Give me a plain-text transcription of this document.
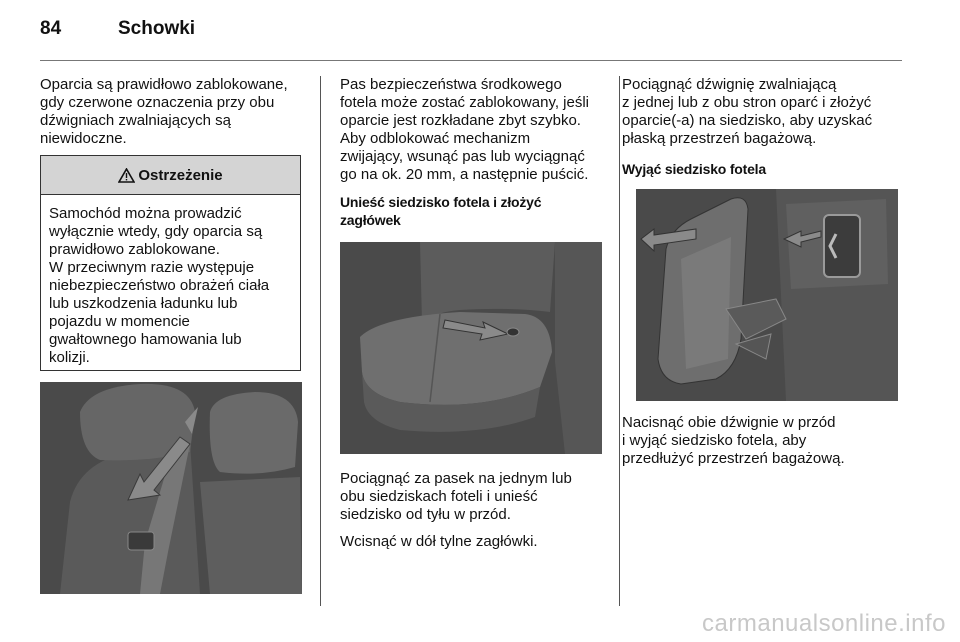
84	Schowki

Oparcia są prawidłowo zablokowane,
gdy czerwone oznaczenia przy obu
dźwigniach zwalniających są
niewidoczne.

Ostrzeżenie
Samochód można prowadzić
wyłącznie wtedy, gdy oparcia są
prawidłowo zablokowane.
W przeciwnym razie występuje
niebezpieczeństwo obrażeń ciała
lub uszkodzenia ładunku lub
pojazdu w momencie
gwałtownego hamowania lub
kolizji.

Pas bezpieczeństwa środkowego
fotela może zostać zablokowany, jeśli
oparcie jest rozkładane zbyt szybko.
Aby odblokować mechanizm
zwijający, wsunąć pas lub wyciągnąć
go na ok. 20 mm, a następnie puścić.

Unieść siedzisko fotela i złożyć
zagłówek

Pociągnąć za pasek na jednym lub
obu siedziskach foteli i unieść
siedzisko od tyłu w przód.

Wcisnąć w dół tylne zagłówki.

Pociągnąć dźwignię zwalniającą
z jednej lub z obu stron oparć i złożyć
oparcie(-a) na siedzisko, aby uzyskać
płaską przestrzeń bagażową.

Wyjąć siedzisko fotela

Nacisnąć obie dźwignie w przód
i wyjąć siedzisko fotela, aby
przedłużyć przestrzeń bagażową.

carmanualsonline.info
